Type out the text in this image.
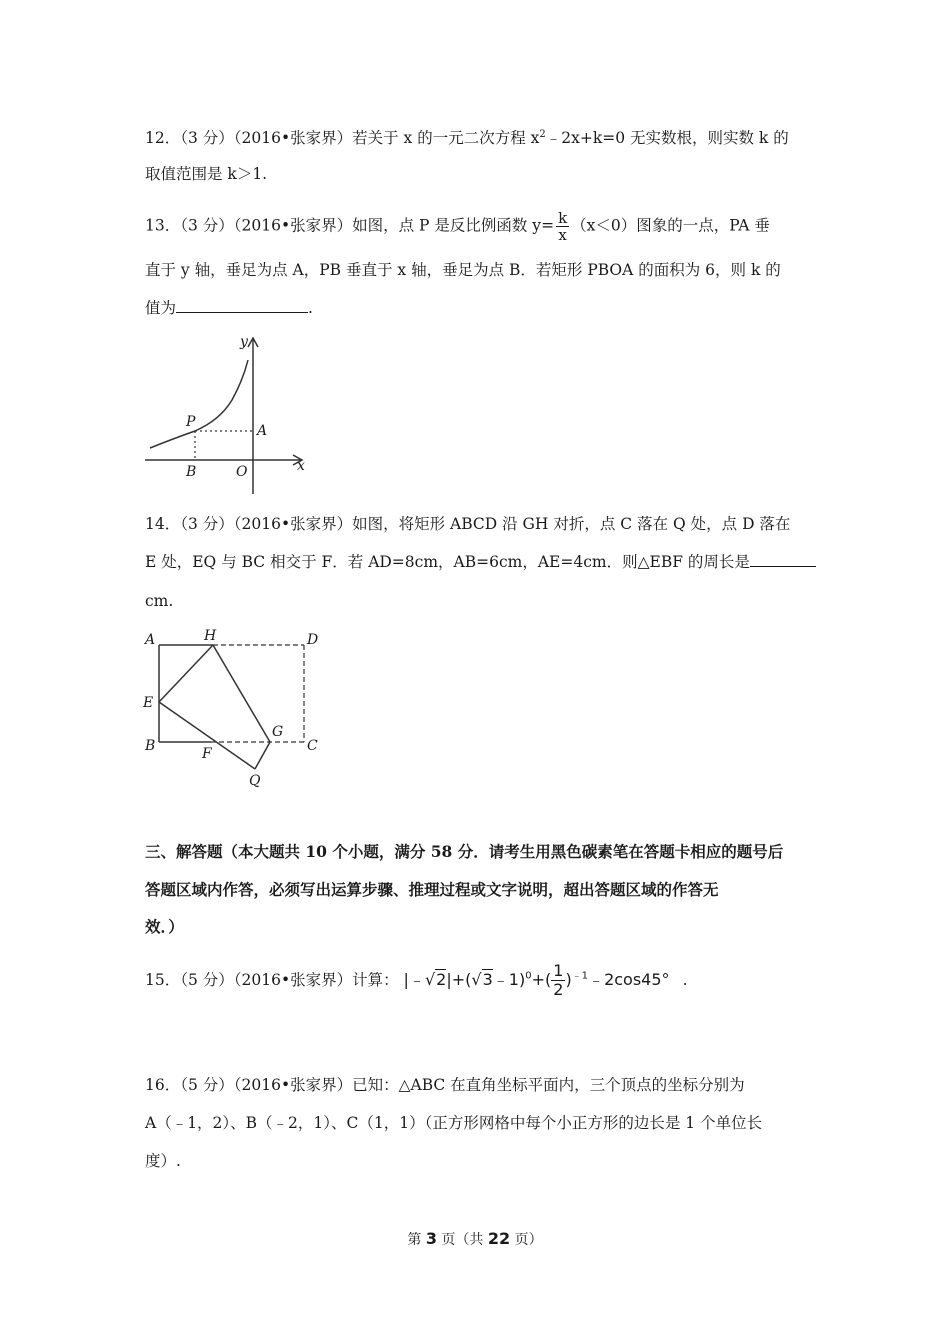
12．（3 分）（2016•张家界）若关于 x 的一元二次方程 $x^2﹣2x+k=0$ 无实数根，则实数 k 的
取值范围是 k＞1.
13．（3 分）（2016•张家界）如图，点 P 是反比例函数 $y= \frac{k}{x} (x<0)$图象的一点，PA 垂
直于 y 轴，垂足为点 A，PB 垂直于 x 轴，垂足为点 B．若矩形 PBOA 的面积为 6，则 k 的
值为	.
y
x
P
A
B	O
14．（3 分）（2016•张家界）如图，将矩形 ABCD 沿 GH 对折，点 C 落在 Q 处，点 D 落在
E 处，EQ 与 BC 相交于 F．若 AD=8cm，AB=6cm，AE=4cm．则△EBF 的周长是
cm.
A	H	D
E
B	F
G
C
Q
三、解答题（本大题共 10 个小题，满分 58 分．请考生用黑色碳素笔在答题卡相应的题号后
答题区域内作答，必须写出运算步骤、推理过程或文字说明，超出答题区域的作答无
效．）
15．（5 分）（2016•张家界）计算： |﹣√2|+(√3﹣1)$^0$+( $\frac{1}{2}$ )$^{﹣1}$﹣2cos45° .
16．（5 分）（2016•张家界）已知：△ABC 在直角坐标平面内，三个顶点的坐标分别为
A（﹣1，2）、B（﹣2，1）、C（1，1）（正方形网格中每个小正方形的边长是 1 个单位长
度）.
第 3 页（共 22 页）
